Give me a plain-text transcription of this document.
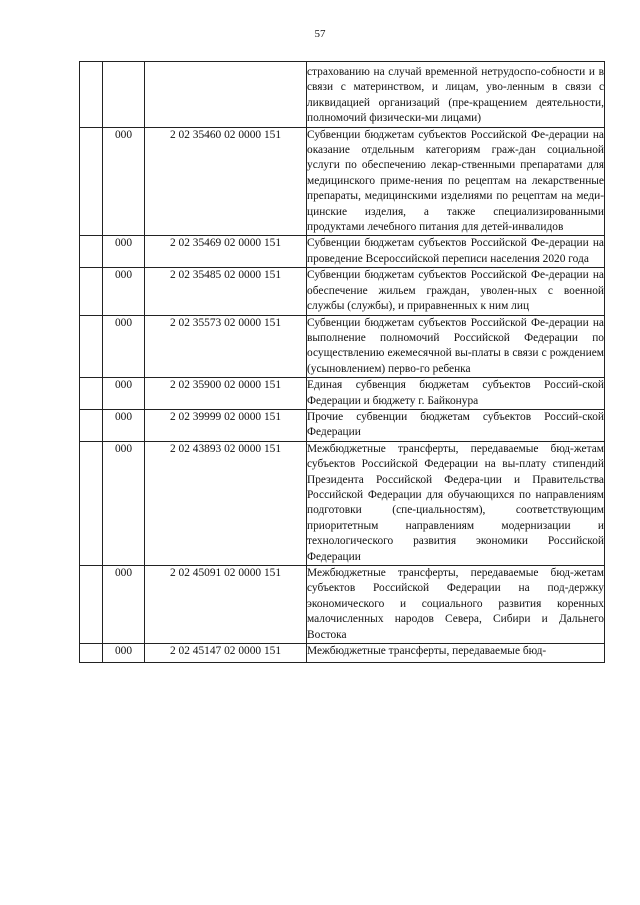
57
			страхованию на случай временной нетрудоспо-собности и в связи с материнством, и лицам, уво-ленным в связи с ликвидацией организаций (пре-кращением деятельности, полномочий физически-ми лицами)
	000	2 02 35460 02 0000 151	Субвенции бюджетам субъектов Российской Фе-дерации на оказание отдельным категориям граж-дан социальной услуги по обеспечению лекар-ственными препаратами для медицинского приме-нения по рецептам на лекарственные препараты, медицинскими изделиями по рецептам на меди-цинские изделия, а также специализированными продуктами лечебного питания для детей-инвалидов
	000	2 02 35469 02 0000 151	Субвенции бюджетам субъектов Российской Фе-дерации на проведение Всероссийской переписи населения 2020 года
	000	2 02 35485 02 0000 151	Субвенции бюджетам субъектов Российской Фе-дерации на обеспечение жильем граждан, уволен-ных с военной службы (службы), и приравненных к ним лиц
	000	2 02 35573 02 0000 151	Субвенции бюджетам субъектов Российской Фе-дерации на выполнение полномочий Российской Федерации по осуществлению ежемесячной вы-платы в связи с рождением (усыновлением) перво-го ребенка
	000	2 02 35900 02 0000 151	Единая субвенция бюджетам субъектов Россий-ской Федерации и бюджету г. Байконура
	000	2 02 39999 02 0000 151	Прочие субвенции бюджетам субъектов Россий-ской Федерации
	000	2 02 43893 02 0000 151	Межбюджетные трансферты, передаваемые бюд-жетам субъектов Российской Федерации на вы-плату стипендий Президента Российской Федера-ции и Правительства Российской Федерации для обучающихся по направлениям подготовки (спе-циальностям), соответствующим приоритетным направлениям модернизации и технологического развития экономики Российской Федерации
	000	2 02 45091 02 0000 151	Межбюджетные трансферты, передаваемые бюд-жетам субъектов Российской Федерации на под-держку экономического и социального развития коренных малочисленных народов Севера, Сибири и Дальнего Востока
	000	2 02 45147 02 0000 151	Межбюджетные трансферты, передаваемые бюд-
